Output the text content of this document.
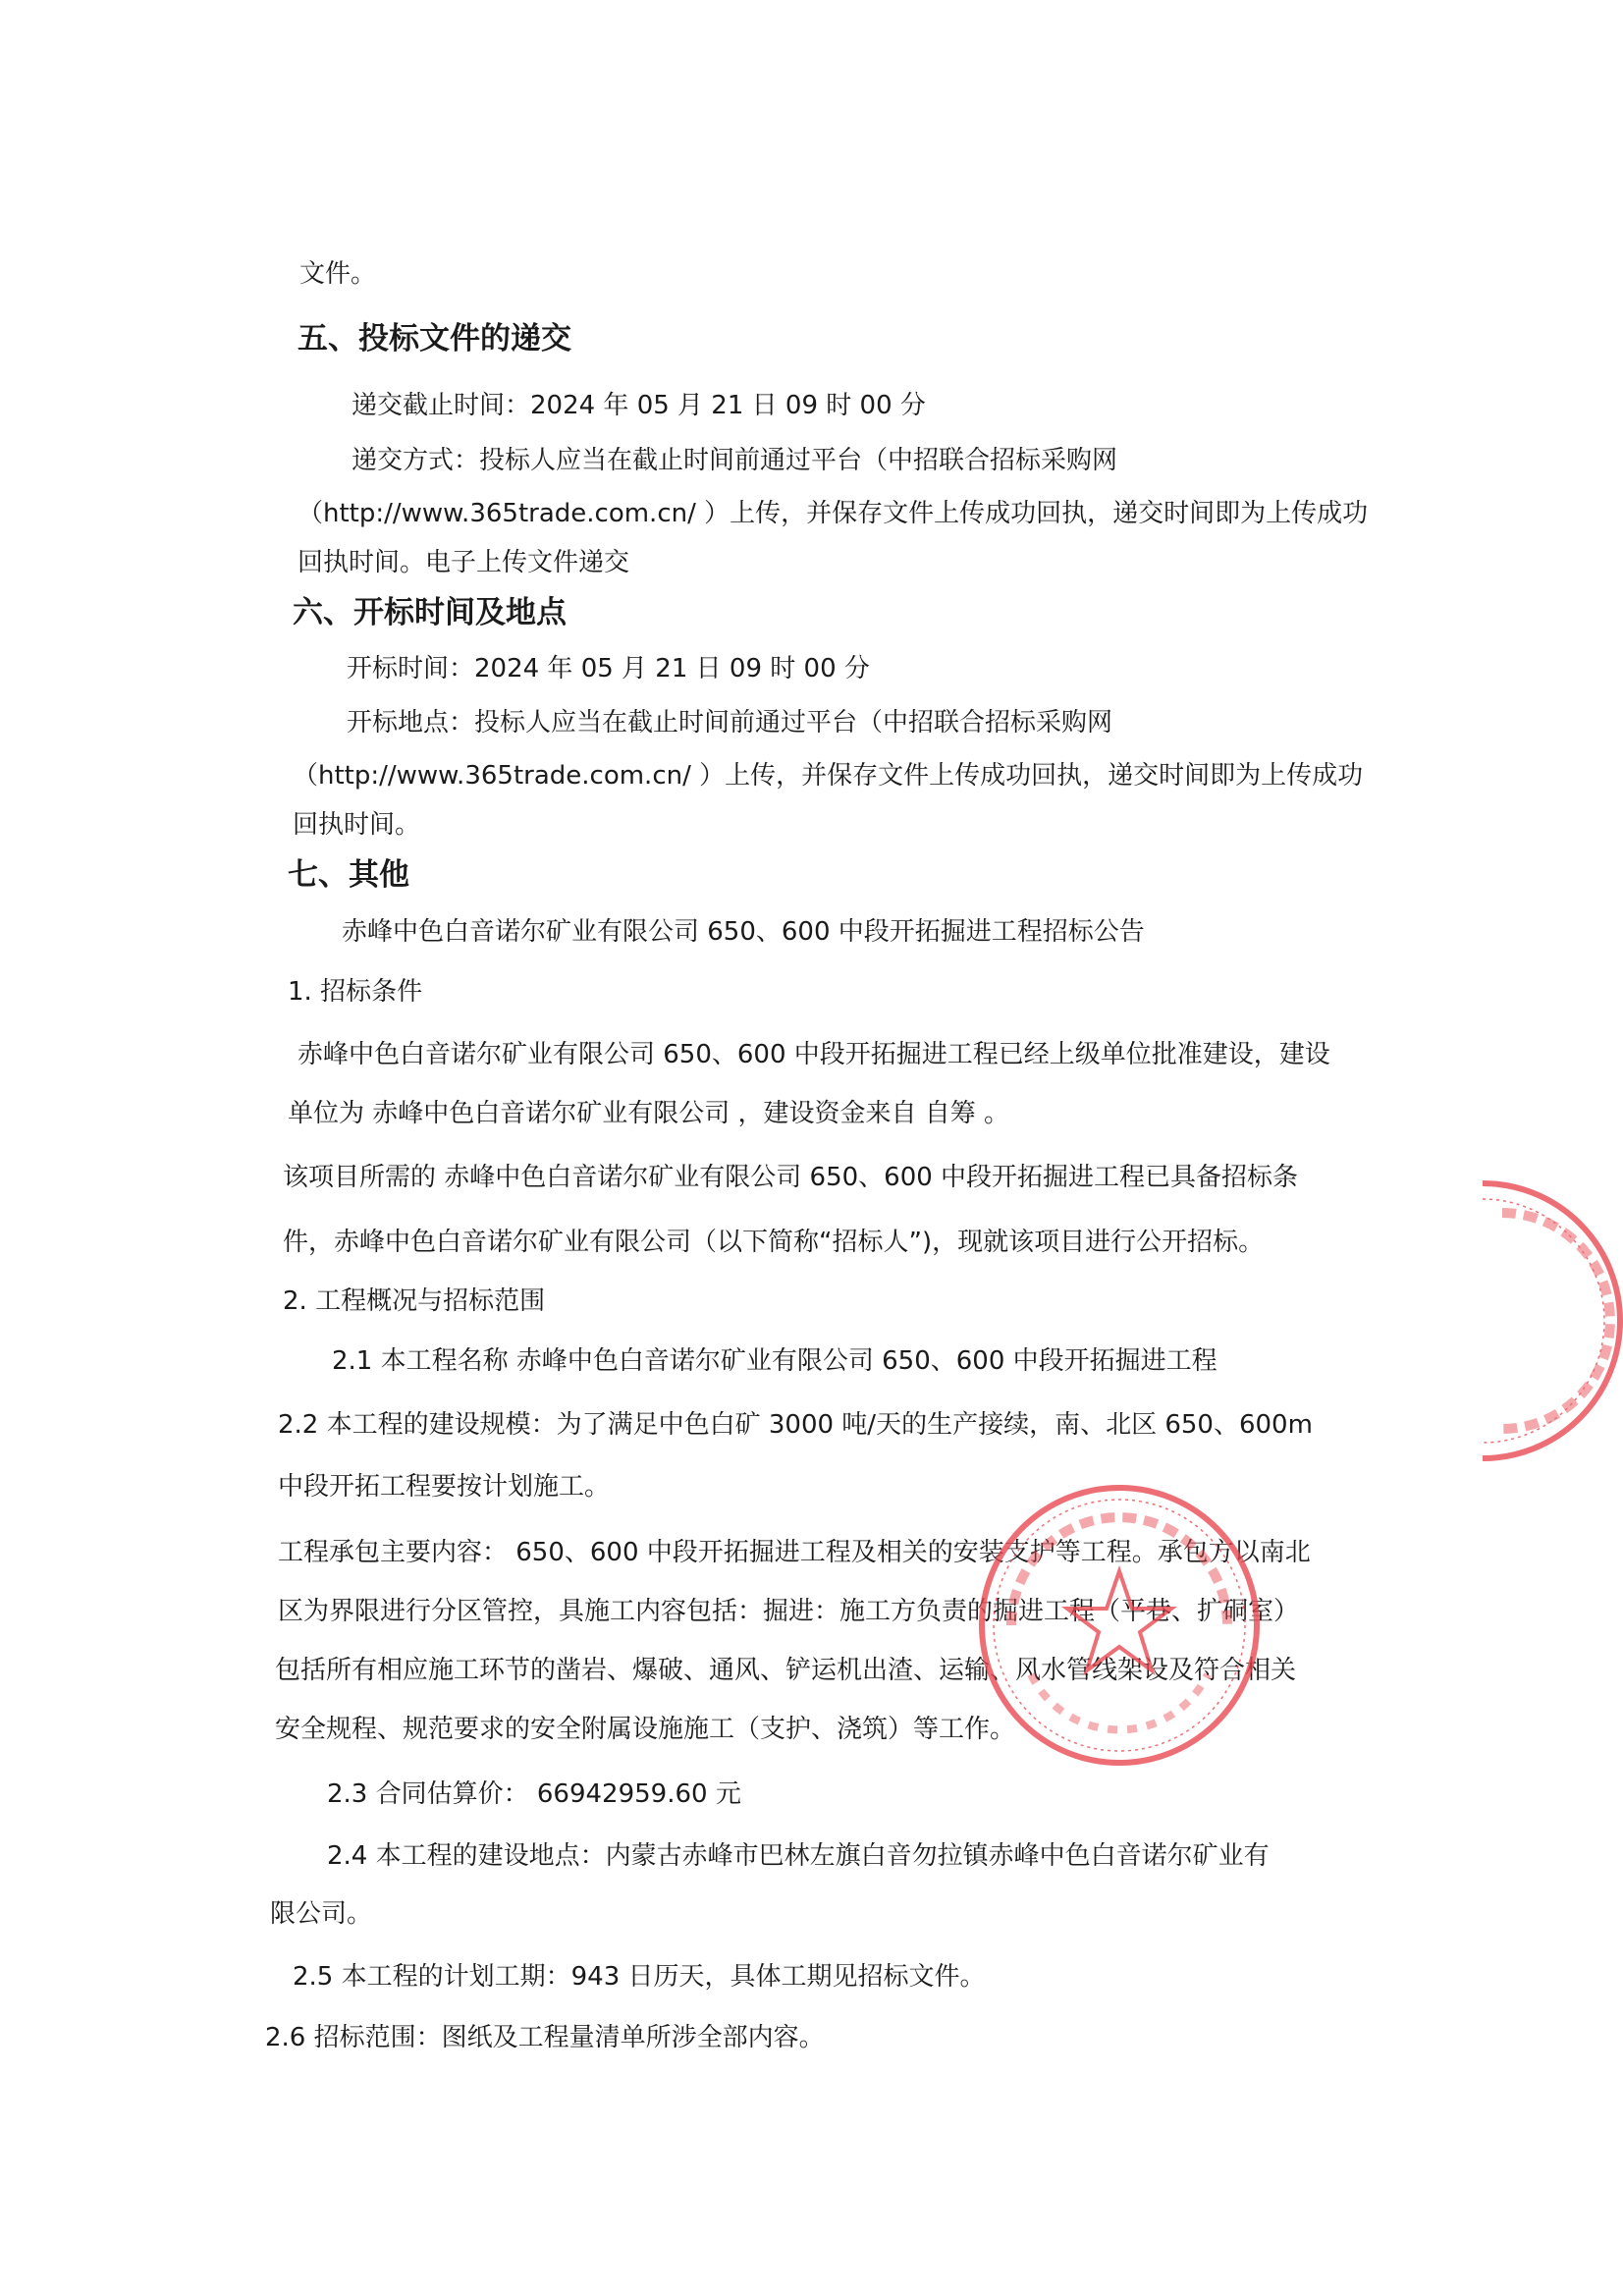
文件。
五、投标文件的递交
递交截止时间：2024 年 05 月 21 日 09 时 00 分
递交方式：投标人应当在截止时间前通过平台（中招联合招标采购网
（http://www.365trade.com.cn/ ）上传，并保存文件上传成功回执，递交时间即为上传成功
回执时间。电子上传文件递交
六、开标时间及地点
开标时间：2024 年 05 月 21 日 09 时 00 分
开标地点：投标人应当在截止时间前通过平台（中招联合招标采购网
（http://www.365trade.com.cn/ ）上传，并保存文件上传成功回执，递交时间即为上传成功
回执时间。
七、其他
赤峰中色白音诺尔矿业有限公司 650、600 中段开拓掘进工程招标公告
1. 招标条件
赤峰中色白音诺尔矿业有限公司 650、600 中段开拓掘进工程已经上级单位批准建设，建设
单位为 赤峰中色白音诺尔矿业有限公司 ，建设资金来自 自筹 。
该项目所需的 赤峰中色白音诺尔矿业有限公司 650、600 中段开拓掘进工程已具备招标条
件，赤峰中色白音诺尔矿业有限公司（以下简称“招标人”)，现就该项目进行公开招标。
2. 工程概况与招标范围
2.1 本工程名称 赤峰中色白音诺尔矿业有限公司 650、600 中段开拓掘进工程
2.2 本工程的建设规模：为了满足中色白矿 3000 吨/天的生产接续，南、北区 650、600m
中段开拓工程要按计划施工。
工程承包主要内容： 650、600 中段开拓掘进工程及相关的安装支护等工程。承包方以南北
区为界限进行分区管控，具施工内容包括：掘进：施工方负责的掘进工程（平巷、扩硐室）
包括所有相应施工环节的凿岩、爆破、通风、铲运机出渣、运输、风水管线架设及符合相关
安全规程、规范要求的安全附属设施施工（支护、浇筑）等工作。
2.3 合同估算价： 66942959.60 元
2.4 本工程的建设地点：内蒙古赤峰市巴林左旗白音勿拉镇赤峰中色白音诺尔矿业有
限公司。
2.5 本工程的计划工期：943 日历天，具体工期见招标文件。
2.6 招标范围：图纸及工程量清单所涉全部内容。
